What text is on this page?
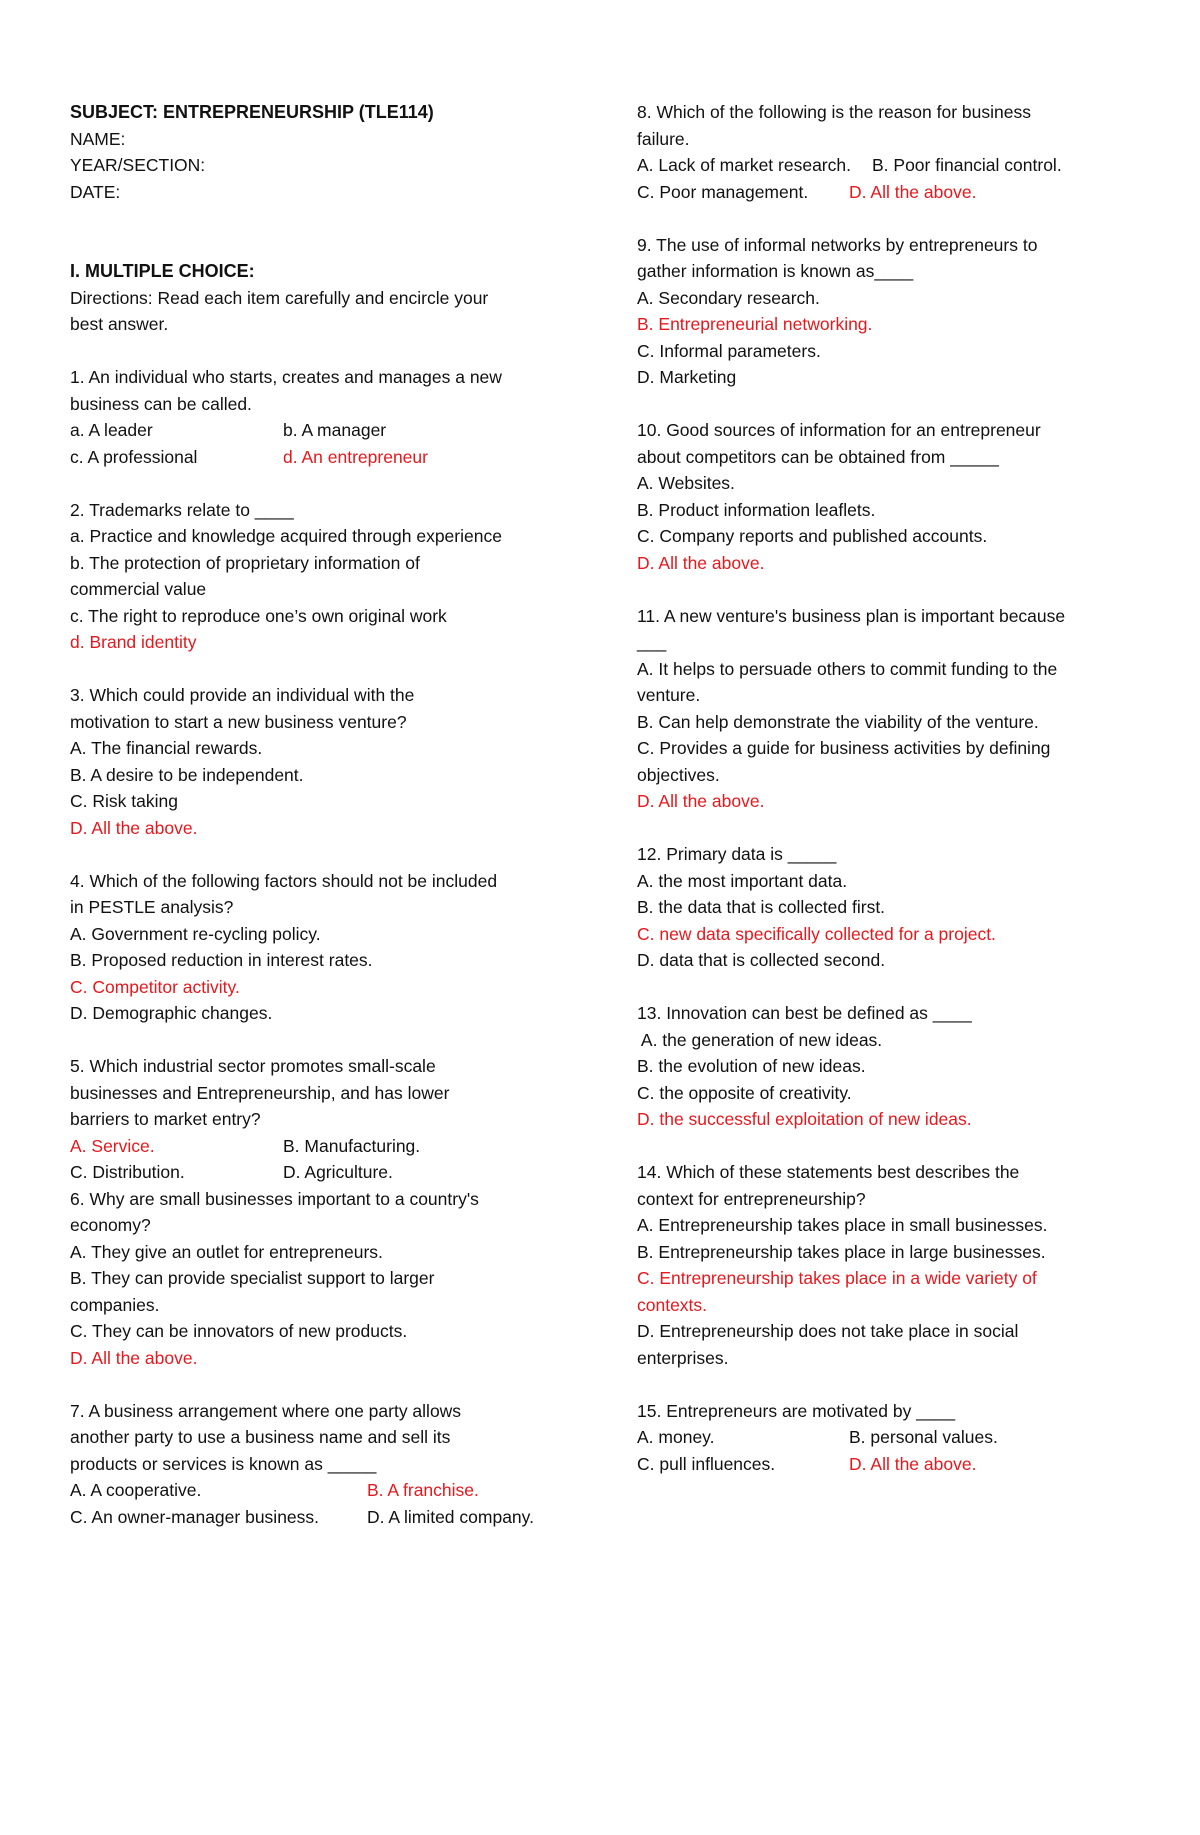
SUBJECT: ENTREPRENEURSHIP (TLE114)
NAME:
YEAR/SECTION:
DATE:
I. MULTIPLE CHOICE:
Directions: Read each item carefully and encircle your
best answer.
1. An individual who starts, creates and manages a new
business can be called.
a. A leader	b. A manager
c. A professional	d. An entrepreneur
2. Trademarks relate to ____
a. Practice and knowledge acquired through experience
b. The protection of proprietary information of
commercial value
c. The right to reproduce one’s own original work
d. Brand identity
3. Which could provide an individual with the
motivation to start a new business venture?
A. The financial rewards.
B. A desire to be independent.
C. Risk taking
D. All the above.
4. Which of the following factors should not be included
in PESTLE analysis?
A. Government re-cycling policy.
B. Proposed reduction in interest rates.
C. Competitor activity.
D. Demographic changes.
5. Which industrial sector promotes small-scale
businesses and Entrepreneurship, and has lower
barriers to market entry?
A. Service.	B. Manufacturing.
C. Distribution.	D. Agriculture.
6. Why are small businesses important to a country's
economy?
A. They give an outlet for entrepreneurs.
B. They can provide specialist support to larger
companies.
C. They can be innovators of new products.
D. All the above.
7. A business arrangement where one party allows
another party to use a business name and sell its
products or services is known as _____
A. A cooperative.	B. A franchise.
C. An owner-manager business.	D. A limited company.
8. Which of the following is the reason for business
failure.
A. Lack of market research.	B. Poor financial control.
C. Poor management.	D. All the above.
9. The use of informal networks by entrepreneurs to
gather information is known as____
A. Secondary research.
B. Entrepreneurial networking.
C. Informal parameters.
D. Marketing
10. Good sources of information for an entrepreneur
about competitors can be obtained from _____
A. Websites.
B. Product information leaflets.
C. Company reports and published accounts.
D. All the above.
11. A new venture's business plan is important because
___
A. It helps to persuade others to commit funding to the
venture.
B. Can help demonstrate the viability of the venture.
C. Provides a guide for business activities by defining
objectives.
D. All the above.
12. Primary data is _____
A. the most important data.
B. the data that is collected first.
C. new data specifically collected for a project.
D. data that is collected second.
13. Innovation can best be defined as ____
A. the generation of new ideas.
B. the evolution of new ideas.
C. the opposite of creativity.
D. the successful exploitation of new ideas.
14. Which of these statements best describes the
context for entrepreneurship?
A. Entrepreneurship takes place in small businesses.
B. Entrepreneurship takes place in large businesses.
C. Entrepreneurship takes place in a wide variety of
contexts.
D. Entrepreneurship does not take place in social
enterprises.
15. Entrepreneurs are motivated by ____
A. money.	B. personal values.
C. pull influences.	D. All the above.
